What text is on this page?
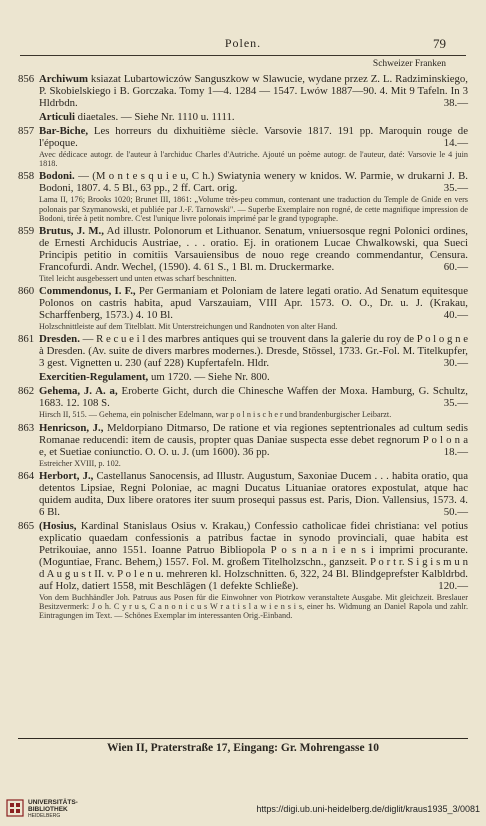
Polen.	79
Schweizer Franken
856 Archiwum ksiazat Lubartowiczów Sanguszkow w Slawucie, wydane przez Z. L. Radziminskiego, P. Skobielskiego i B. Gorczaka. Tomy 1—4. 1284 — 1547. Lwów 1887—90. 4. Mit 9 Tafeln. In 3 Hldrbdn.	38.—
Articuli diaetales. — Siehe Nr. 1110 u. 1111.
857 Bar-Biche, Les horreurs du dixhuitième siècle. Varsovie 1817. 191 pp. Maroquin rouge de l'époque.	14.—
Avec dédicace autogr. de l'auteur à l'archiduc Charles d'Autriche. Ajouté un poème autogr. de l'auteur, daté: Varsovie le 4 juin 1818.
858 Bodoni. — (M o n t e s q u i e u, C h.) Swiatynia wenery w knidos. W. Parmie, w drukarni J. B. Bodoni, 1807. 4. 5 Bl., 63 pp., 2 ff. Cart. orig.	35.—
Lama II, 176; Brooks 1020; Brunet III, 1861: „Volume très-peu commun, contenant une traduction du Temple de Gnide en vers polonais par Szymanowski, et publiée par J.-F. Tarnowski". — Superbe Exemplaire non rogné, de cette magnifique impression de Bodoni, tirée à petit nombre. C'est l'unique livre polonais imprimé par le grand typographe.
859 Brutus, J. M., Ad illustr. Polonorum et Lithuanor. Senatum, vniuersosque regni Polonici ordines, de Ernesti Archiducis Austriae, . . . oratio. Ej. in orationem Lucae Chwalkowski, qua Sueci Principis petitio in comitiis Varsauiensibus de nouo rege creando commendantur, Censura. Francofurdi. Andr. Wechel, (1590). 4. 61 S., 1 Bl. m. Druckermarke.	60.—
Titel leicht ausgebessert und unten etwas scharf beschnitten.
860 Commendonus, I. F., Per Germaniam et Poloniam de latere legati oratio. Ad Senatum equitesque Polonos on castris habita, apud Varszauiam, VIII Apr. 1573. O. O., Dr. u. J. (Krakau, Scharffenberg, 1573.) 4. 10 Bl.	40.—
Holzschnittleiste auf dem Titelblatt. Mit Unterstreichungen und Randnoten von alter Hand.
861 Dresden. — R e c u e i l des marbres antiques qui se trouvent dans la galerie du roy de P o l o g n e à Dresden. (Av. suite de divers marbres modernes.). Dresde, Stössel, 1733. Gr.-Fol. M. Titelkupfer, 3 gest. Vignetten u. 230 (auf 228) Kupfertafeln. Hldr.	30.—
Exercitien-Regulament, um 1720. — Siehe Nr. 800.
862 Gehema, J. A. a, Eroberte Gicht, durch die Chinesche Waffen der Moxa. Hamburg, G. Schultz, 1683. 12. 108 S.	35.—
Hirsch II, 515. — Gehema, ein polnischer Edelmann, war p o l n i s c h e r und brandenburgischer Leibarzt.
863 Henricson, J., Meldorpiano Ditmarso, De ratione et via regiones septentrionales ad cultum sedis Romanae reducendi: item de causis, propter quas Daniae suspecta esse debet regnorum P o l o n a e, et Suetiae coniunctio. O. O. u. J. (um 1600). 36 pp.	18.—
Estreicher XVIII, p. 102.
864 Herbort, J., Castellanus Sanocensis, ad Illustr. Augustum, Saxoniae Ducem . . . habita oratio, qua detentos Lipsiae, Regni Poloniae, ac magni Ducatus Lituaniae oratores expostulat, atque hac quidem audita, Dux libere oratores iter suum prosequi passus est. Paris, Dion. Vallensius, 1573. 4. 6 Bl.	50.—
865 (Hosius, Kardinal Stanislaus Osius v. Krakau,) Confessio catholicae fidei christiana: vel potius explicatio quaedam confessionis a patribus factae in synodo provinciali, quae habita est Petrikouiae, anno 1551. Ioanne Patruo Bibliopola P o s n a n i e n s i imprimi procurante. (Moguntiae, Franc. Behem,) 1557. Fol. M. großem Titelholzschn., ganzseit. P o r t r. S i g i s m u n d A u g u s t II. v. P o l e n u. mehreren kl. Holzschnitten. 6, 322, 24 Bl. Blindgeprefster Kalbldrbd. auf Holz, datiert 1558, mit Beschlägen (1 defekte Schließe).	120.—
Von dem Buchhändler Joh. Patruus aus Posen für die Einwohner von Piotrkow veranstaltete Ausgabe. Mit gleichzeit. Breslauer Besitzvermerk: J o h. C y r u s, C a n o n i c u s W r a t i s l a w i e n s i s, einer hs. Widmung an Daniel Rapola und zahlr. Eintragungen im Text. — Schönes Exemplar im interessanten Orig.-Einband.
Wien II, Praterstraße 17, Eingang: Gr. Mohrengasse 10
UNIVERSITÄTS-
BIBLIOTHEK
HEIDELBERG
https://digi.ub.uni-heidelberg.de/diglit/kraus1935_3/0081
